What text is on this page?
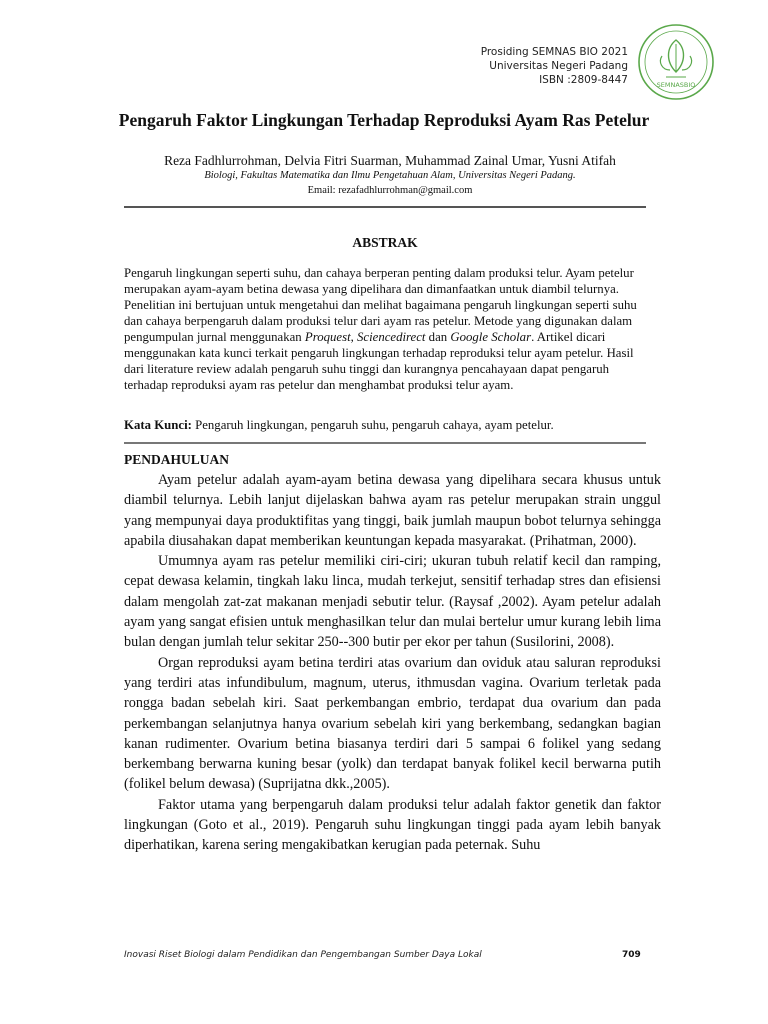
Prosiding SEMNAS BIO 2021
Universitas Negeri Padang
ISBN :2809-8447	SEMNASBIO
Pengaruh Faktor Lingkungan Terhadap Reproduksi Ayam Ras Petelur
Reza Fadhlurrohman, Delvia Fitri Suarman, Muhammad Zainal Umar, Yusni Atifah
Biologi, Fakultas Matematika dan Ilmu Pengetahuan Alam, Universitas Negeri Padang.
Email: rezafadhlurrohman@gmail.com
ABSTRAK

Pengaruh lingkungan seperti suhu, dan cahaya berperan penting dalam produksi telur. Ayam petelur merupakan ayam-ayam betina dewasa yang dipelihara dan dimanfaatkan untuk diambil telurnya. Penelitian ini bertujuan untuk mengetahui dan melihat bagaimana pengaruh lingkungan seperti suhu dan cahaya berpengaruh dalam produksi telur dari ayam ras petelur. Metode yang digunakan dalam pengumpulan jurnal menggunakan Proquest, Sciencedirect dan Google Scholar. Artikel dicari menggunakan kata kunci terkait pengaruh lingkungan terhadap reproduksi telur ayam petelur. Hasil dari literature review adalah pengaruh suhu tinggi dan kurangnya pencahayaan dapat pengaruh terhadap reproduksi ayam ras petelur dan menghambat produksi telur ayam.

Kata Kunci: Pengaruh lingkungan, pengaruh suhu, pengaruh cahaya, ayam petelur.

PENDAHULUAN

Ayam petelur adalah ayam-ayam betina dewasa yang dipelihara secara khusus untuk diambil telurnya. Lebih lanjut dijelaskan bahwa ayam ras petelur merupakan strain unggul yang mempunyai daya produktifitas yang tinggi, baik jumlah maupun bobot telurnya sehingga apabila diusahakan dapat memberikan keuntungan kepada masyarakat. (Prihatman, 2000).

Umumnya ayam ras petelur memiliki ciri-ciri; ukuran tubuh relatif kecil dan ramping, cepat dewasa kelamin, tingkah laku linca, mudah terkejut, sensitif terhadap stres dan efisiensi dalam mengolah zat-zat makanan menjadi sebutir telur. (Raysaf ,2002). Ayam petelur adalah ayam yang sangat efisien untuk menghasilkan telur dan mulai bertelur umur kurang lebih lima bulan dengan jumlah telur sekitar 250--300 butir per ekor per tahun (Susilorini, 2008).

Organ reproduksi ayam betina terdiri atas ovarium dan oviduk atau saluran reproduksi yang terdiri atas infundibulum, magnum, uterus, ithmusdan vagina. Ovarium terletak pada rongga badan sebelah kiri. Saat perkembangan embrio, terdapat dua ovarium dan pada perkembangan selanjutnya hanya ovarium sebelah kiri yang berkembang, sedangkan bagian kanan rudimenter. Ovarium betina biasanya terdiri dari 5 sampai 6 folikel yang sedang berkembang berwarna kuning besar (yolk) dan terdapat banyak folikel kecil berwarna putih (folikel belum dewasa) (Suprijatna dkk.,2005).

Faktor utama yang berpengaruh dalam produksi telur adalah faktor genetik dan faktor lingkungan (Goto et al., 2019). Pengaruh suhu lingkungan tinggi pada ayam lebih banyak diperhatikan, karena sering mengakibatkan kerugian pada peternak. Suhu

Inovasi Riset Biologi dalam Pendidikan dan Pengembangan Sumber Daya Lokal	709
